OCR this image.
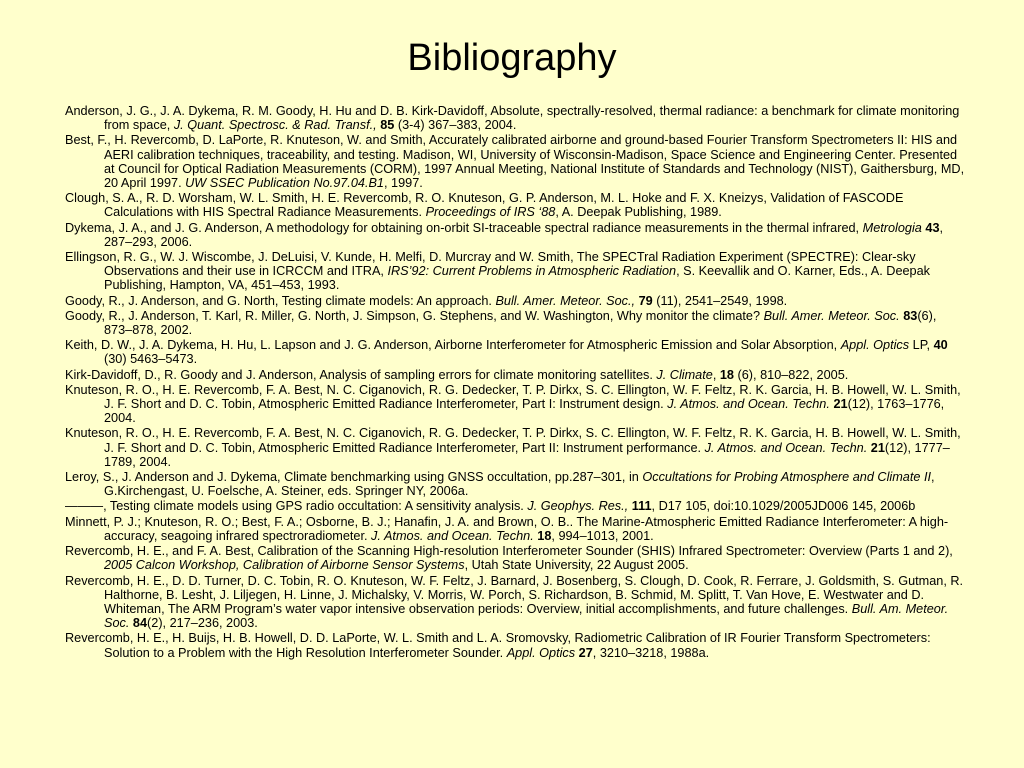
Bibliography

Anderson, J. G., J. A. Dykema, R. M. Goody, H. Hu and D. B. Kirk-Davidoff, Absolute, spectrally-resolved, thermal radiance: a benchmark for climate monitoring from space, J. Quant. Spectrosc. & Rad. Transf., 85 (3-4) 367–383, 2004.

Best, F., H. Revercomb, D. LaPorte, R. Knuteson, W. and Smith, Accurately calibrated airborne and ground-based Fourier Transform Spectrometers II: HIS and AERI calibration techniques, traceability, and testing. Madison, WI, University of Wisconsin-Madison, Space Science and Engineering Center. Presented at Council for Optical Radiation Measurements (CORM), 1997 Annual Meeting, National Institute of Standards and Technology (NIST), Gaithersburg, MD, 20 April 1997. UW SSEC Publication No.97.04.B1, 1997.

Clough, S. A., R. D. Worsham, W. L. Smith, H. E. Revercomb, R. O. Knuteson, G. P. Anderson, M. L. Hoke and F. X. Kneizys, Validation of FASCODE Calculations with HIS Spectral Radiance Measurements. Proceedings of IRS ‘88, A. Deepak Publishing, 1989.

Dykema, J. A., and J. G. Anderson, A methodology for obtaining on-orbit SI-traceable spectral radiance measurements in the thermal infrared, Metrologia 43, 287–293, 2006.

Ellingson, R. G., W. J. Wiscombe, J. DeLuisi, V. Kunde, H. Melfi, D. Murcray and W. Smith, The SPECTral Radiation Experiment (SPECTRE): Clear-sky Observations and their use in ICRCCM and ITRA, IRS’92: Current Problems in Atmospheric Radiation, S. Keevallik and O. Karner, Eds., A. Deepak Publishing, Hampton, VA, 451–453, 1993.

Goody, R., J. Anderson, and G. North, Testing climate models: An approach. Bull. Amer. Meteor. Soc., 79 (11), 2541–2549, 1998.

Goody, R., J. Anderson, T. Karl, R. Miller, G. North, J. Simpson, G. Stephens, and W. Washington, Why monitor the climate? Bull. Amer. Meteor. Soc. 83(6), 873–878, 2002.

Keith, D. W., J. A. Dykema, H. Hu, L. Lapson and J. G. Anderson, Airborne Interferometer for Atmospheric Emission and Solar Absorption, Appl. Optics LP, 40 (30) 5463–5473.

Kirk-Davidoff, D., R. Goody and J. Anderson, Analysis of sampling errors for climate monitoring satellites. J. Climate, 18 (6), 810–822, 2005.

Knuteson, R. O., H. E. Revercomb, F. A. Best, N. C. Ciganovich, R. G. Dedecker, T. P. Dirkx, S. C. Ellington, W. F. Feltz, R. K. Garcia, H. B. Howell, W. L. Smith, J. F. Short and D. C. Tobin, Atmospheric Emitted Radiance Interferometer, Part I: Instrument design. J. Atmos. and Ocean. Techn. 21(12), 1763–1776, 2004.

Knuteson, R. O., H. E. Revercomb, F. A. Best, N. C. Ciganovich, R. G. Dedecker, T. P. Dirkx, S. C. Ellington, W. F. Feltz, R. K. Garcia, H. B. Howell, W. L. Smith, J. F. Short and D. C. Tobin, Atmospheric Emitted Radiance Interferometer, Part II: Instrument performance. J. Atmos. and Ocean. Techn. 21(12), 1777–1789, 2004.

Leroy, S., J. Anderson and J. Dykema, Climate benchmarking using GNSS occultation, pp.287–301, in Occultations for Probing Atmosphere and Climate II, G.Kirchengast, U. Foelsche, A. Steiner, eds. Springer NY, 2006a.

———, Testing climate models using GPS radio occultation: A sensitivity analysis. J. Geophys. Res., 111, D17 105, doi:10.1029/2005JD006 145, 2006b

Minnett, P. J.; Knuteson, R. O.; Best, F. A.; Osborne, B. J.; Hanafin, J. A. and Brown, O. B.. The Marine-Atmospheric Emitted Radiance Interferometer: A high-accuracy, seagoing infrared spectroradiometer. J. Atmos. and Ocean. Techn. 18, 994–1013, 2001.

Revercomb, H. E., and F. A. Best, Calibration of the Scanning High-resolution Interferometer Sounder (SHIS) Infrared Spectrometer: Overview (Parts 1 and 2), 2005 Calcon Workshop, Calibration of Airborne Sensor Systems, Utah State University, 22 August 2005.

Revercomb, H. E., D. D. Turner, D. C. Tobin, R. O. Knuteson, W. F. Feltz, J. Barnard, J. Bosenberg, S. Clough, D. Cook, R. Ferrare, J. Goldsmith, S. Gutman, R. Halthorne, B. Lesht, J. Liljegen, H. Linne, J. Michalsky, V. Morris, W. Porch, S. Richardson, B. Schmid, M. Splitt, T. Van Hove, E. Westwater and D. Whiteman, The ARM Program’s water vapor intensive observation periods: Overview, initial accomplishments, and future challenges. Bull. Am. Meteor. Soc. 84(2), 217–236, 2003.

Revercomb, H. E., H. Buijs, H. B. Howell, D. D. LaPorte, W. L. Smith and L. A. Sromovsky, Radiometric Calibration of IR Fourier Transform Spectrometers: Solution to a Problem with the High Resolution Interferometer Sounder. Appl. Optics 27, 3210–3218, 1988a.
